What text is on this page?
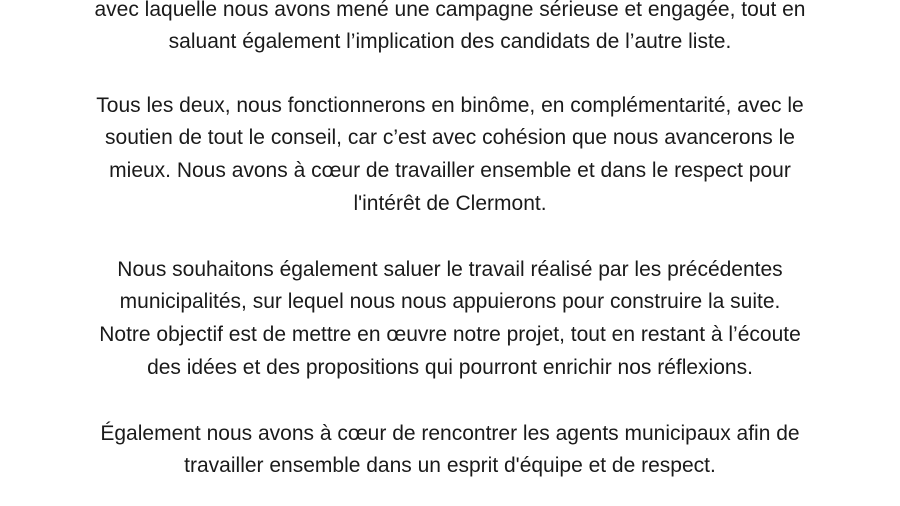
avec laquelle nous avons mené une campagne sérieuse et engagée, tout en
saluant également l’implication des candidats de l’autre liste.
Tous les deux, nous fonctionnerons en binôme, en complémentarité, avec le
soutien de tout le conseil, car c’est avec cohésion que nous avancerons le
mieux. Nous avons à cœur de travailler ensemble et dans le respect pour
l'intérêt de Clermont.
Nous souhaitons également saluer le travail réalisé par les précédentes
municipalités, sur lequel nous nous appuierons pour construire la suite.
Notre objectif est de mettre en œuvre notre projet, tout en restant à l’écoute
des idées et des propositions qui pourront enrichir nos réflexions.
Également nous avons à cœur de rencontrer les agents municipaux afin de
travailler ensemble dans un esprit d'équipe et de respect.
